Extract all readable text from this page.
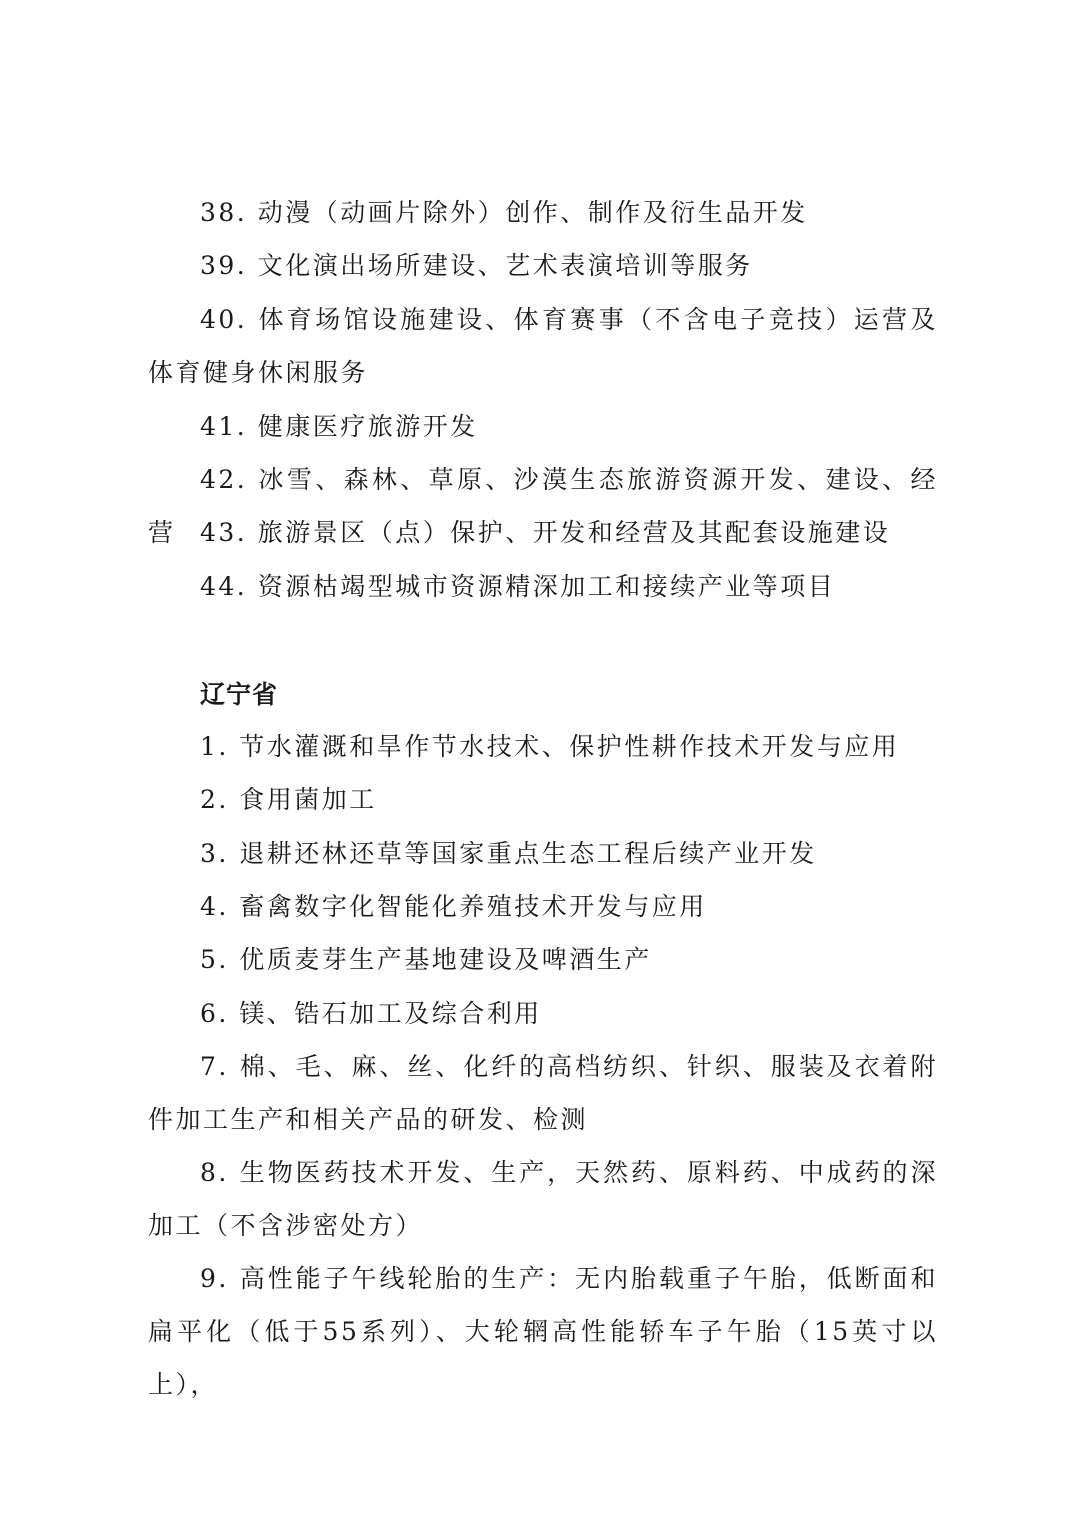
38. 动漫（动画片除外）创作、制作及衍生品开发

39. 文化演出场所建设、艺术表演培训等服务

40. 体育场馆设施建设、体育赛事（不含电子竞技）运营及体育健身休闲服务

41. 健康医疗旅游开发

42. 冰雪、森林、草原、沙漠生态旅游资源开发、建设、经营 43. 旅游景区（点）保护、开发和经营及其配套设施建设

44. 资源枯竭型城市资源精深加工和接续产业等项目

辽宁省

1. 节水灌溉和旱作节水技术、保护性耕作技术开发与应用

2. 食用菌加工

3. 退耕还林还草等国家重点生态工程后续产业开发

4. 畜禽数字化智能化养殖技术开发与应用

5. 优质麦芽生产基地建设及啤酒生产

6. 镁、锆石加工及综合利用

7. 棉、毛、麻、丝、化纤的高档纺织、针织、服装及衣着附件加工生产和相关产品的研发、检测

8. 生物医药技术开发、生产，天然药、原料药、中成药的深加工（不含涉密处方）

9. 高性能子午线轮胎的生产：无内胎载重子午胎，低断面和扁平化（低于55系列）、大轮辋高性能轿车子午胎（15英寸以上），
